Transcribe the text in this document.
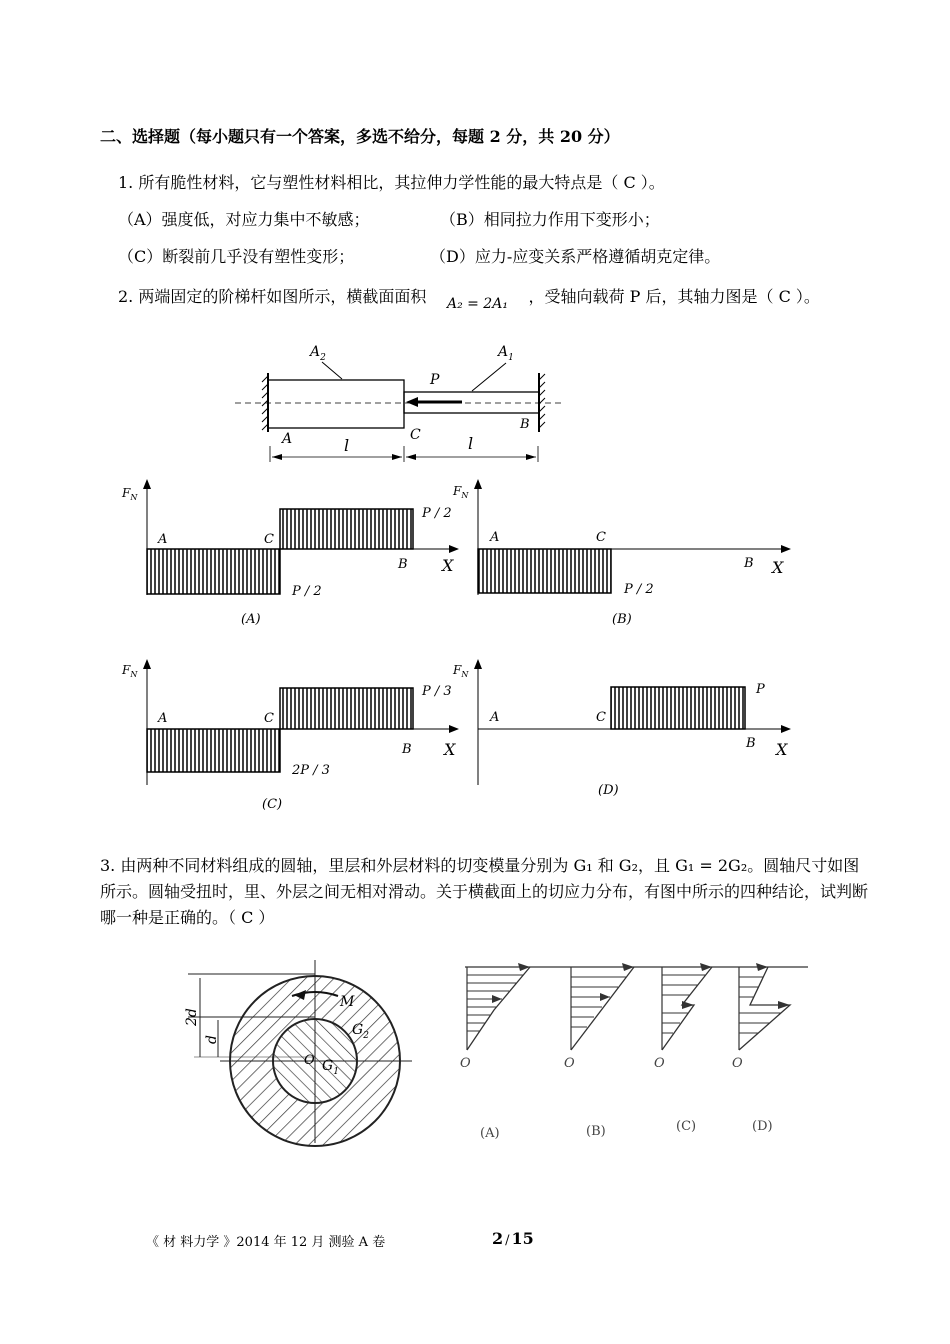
二、选择题（每小题只有一个答案，多选不给分，每题 2 分，共 20 分）
1. 所有脆性材料，它与塑性材料相比，其拉伸力学性能的最大特点是（ C ）。
（A）强度低，对应力集中不敏感；	（B）相同拉力作用下变形小；
（C）断裂前几乎没有塑性变形；	（D）应力-应变关系严格遵循胡克定律。
2. 两端固定的阶梯杆如图所示，横截面面积 A₂ = 2A₁ ，受轴向载荷 P 后，其轴力图是（ C ）。
$A_2$	$A_1$
P
A	C
B
l	l
$F_N$
A	C
B X
P / 2
P / 2
(A)
$F_N$
A	C
B X
P / 2
(B)
$F_N$
A	C
B X
P / 3
2P / 3
(C)
$F_N$
A	C
B X
P
(D)
3. 由两种不同材料组成的圆轴，里层和外层材料的切变模量分别为 G₁ 和 G₂，且 G₁ = 2G₂。圆轴尺寸如图所示。圆轴受扭时，里、外层之间无相对滑动。关于横截面上的切应力分布，有图中所示的四种结论，试判断哪一种是正确的。（ C ）
2d
d
M
$G_2$
O $G_1$
O
(A)
O
(B)
O
(C)
O
(D)
《 材 料力学 》2014 年 12 月 测验 A 卷	2 / 15
